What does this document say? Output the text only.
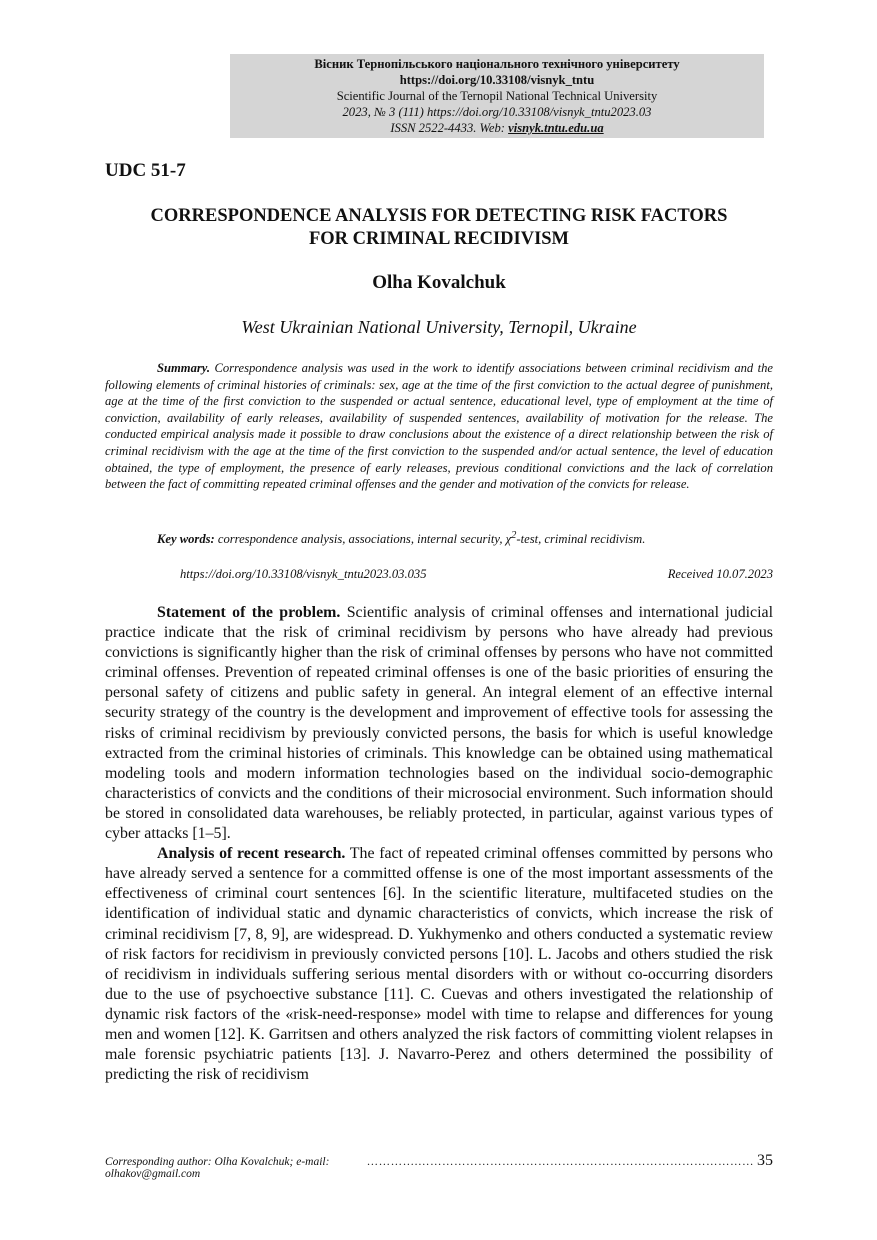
Вісник Тернопільського національного технічного університету
https://doi.org/10.33108/visnyk_tntu
Scientific Journal of the Ternopil National Technical University
2023, № 3 (111) https://doi.org/10.33108/visnyk_tntu2023.03
ISSN 2522-4433. Web: visnyk.tntu.edu.ua
UDC 51-7
CORRESPONDENCE ANALYSIS FOR DETECTING RISK FACTORS
FOR CRIMINAL RECIDIVISM
Olha Kovalchuk
West Ukrainian National University, Ternopil, Ukraine

Summary. Correspondence analysis was used in the work to identify associations between criminal recidivism and the following elements of criminal histories of criminals: sex, age at the time of the first conviction to the actual degree of punishment, age at the time of the first conviction to the suspended or actual sentence, educational level, type of employment at the time of conviction, availability of early releases, availability of suspended sentences, availability of motivation for the release. The conducted empirical analysis made it possible to draw conclusions about the existence of a direct relationship between the risk of criminal recidivism with the age at the time of the first conviction to the suspended and/or actual sentence, the level of education obtained, the type of employment, the presence of early releases, previous conditional convictions and the lack of correlation between the fact of committing repeated criminal offenses and the gender and motivation of the convicts for release.

Key words: correspondence analysis, associations, internal security, $\chi^2$-test, criminal recidivism.

https://doi.org/10.33108/visnyk_tntu2023.03.035	Received 10.07.2023

Statement of the problem. Scientific analysis of criminal offenses and international judicial practice indicate that the risk of criminal recidivism by persons who have already had previous convictions is significantly higher than the risk of criminal offenses by persons who have not committed criminal offenses. Prevention of repeated criminal offenses is one of the basic priorities of ensuring the personal safety of citizens and public safety in general. An integral element of an effective internal security strategy of the country is the development and improvement of effective tools for assessing the risks of criminal recidivism by previously convicted persons, the basis for which is useful knowledge extracted from the criminal histories of criminals. This knowledge can be obtained using mathematical modeling tools and modern information technologies based on the individual socio-demographic characteristics of convicts and the conditions of their microsocial environment. Such information should be stored in consolidated data warehouses, be reliably protected, in particular, against various types of cyber attacks [1–5].

Analysis of recent research. The fact of repeated criminal offenses committed by persons who have already served a sentence for a committed offense is one of the most important assessments of the effectiveness of criminal court sentences [6]. In the scientific literature, multifaceted studies on the identification of individual static and dynamic characteristics of convicts, which increase the risk of criminal recidivism [7, 8, 9], are widespread. D. Yukhymenko and others conducted a systematic review of risk factors for recidivism in previously convicted persons [10]. L. Jacobs and others studied the risk of recidivism in individuals suffering serious mental disorders with or without co-occurring disorders due to the use of psychoective substance [11]. C. Cuevas and others investigated the relationship of dynamic risk factors of the «risk-need-response» model with time to relapse and differences for young men and women [12]. K. Garritsen and others analyzed the risk factors of committing violent relapses in male forensic psychiatric patients [13]. J. Navarro-Perez and others determined the possibility of predicting the risk of recidivism

Corresponding author: Olha Kovalchuk; e-mail: olhakov@gmail.com
………….………………………………………………………………………… 35
